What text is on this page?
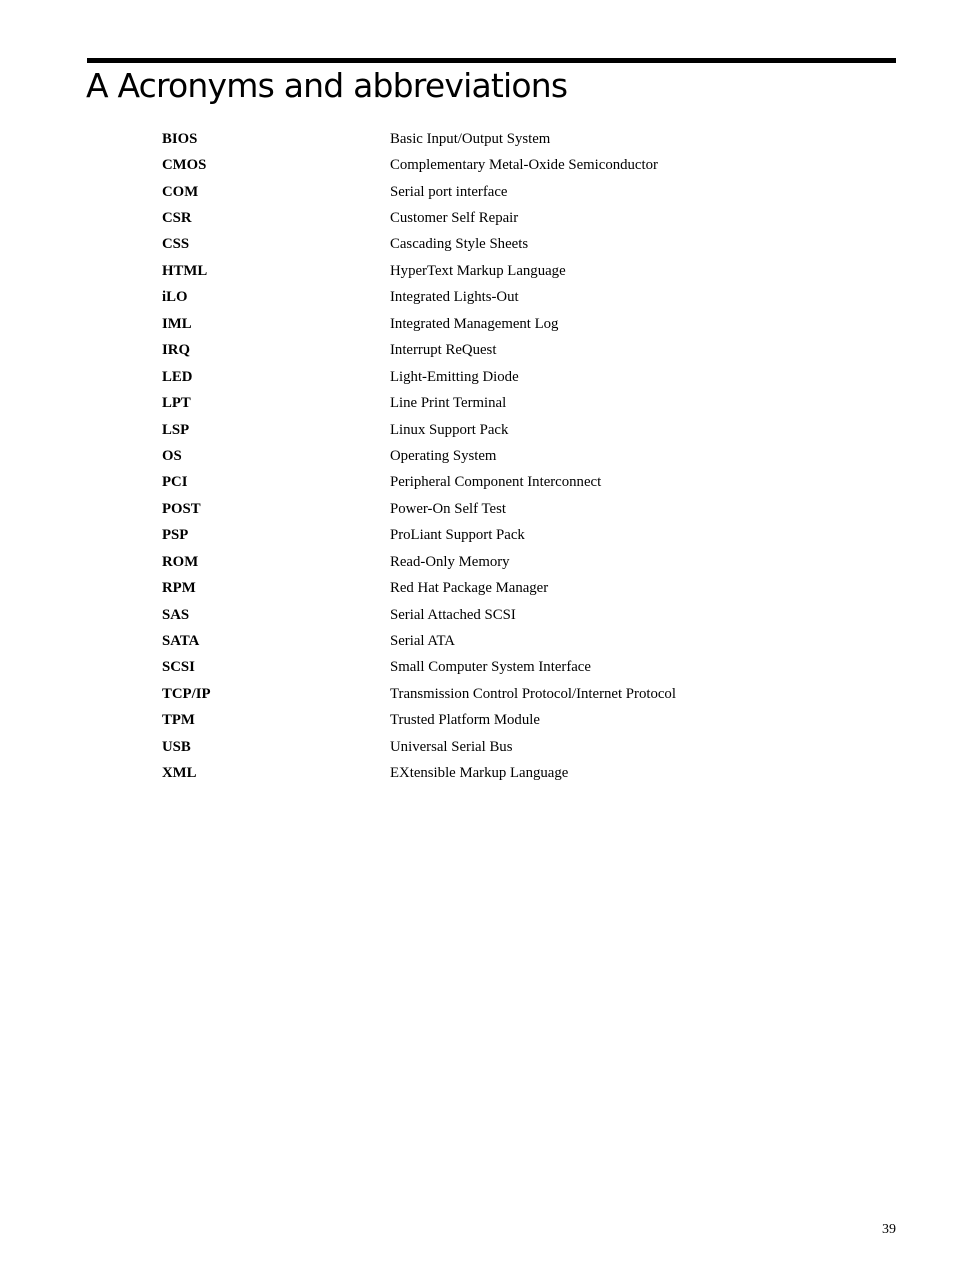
A Acronyms and abbreviations
BIOS	Basic Input/Output System
CMOS	Complementary Metal-Oxide Semiconductor
COM	Serial port interface
CSR	Customer Self Repair
CSS	Cascading Style Sheets
HTML	HyperText Markup Language
iLO	Integrated Lights-Out
IML	Integrated Management Log
IRQ	Interrupt ReQuest
LED	Light-Emitting Diode
LPT	Line Print Terminal
LSP	Linux Support Pack
OS	Operating System
PCI	Peripheral Component Interconnect
POST	Power-On Self Test
PSP	ProLiant Support Pack
ROM	Read-Only Memory
RPM	Red Hat Package Manager
SAS	Serial Attached SCSI
SATA	Serial ATA
SCSI	Small Computer System Interface
TCP/IP	Transmission Control Protocol/Internet Protocol
TPM	Trusted Platform Module
USB	Universal Serial Bus
XML	EXtensible Markup Language
39
